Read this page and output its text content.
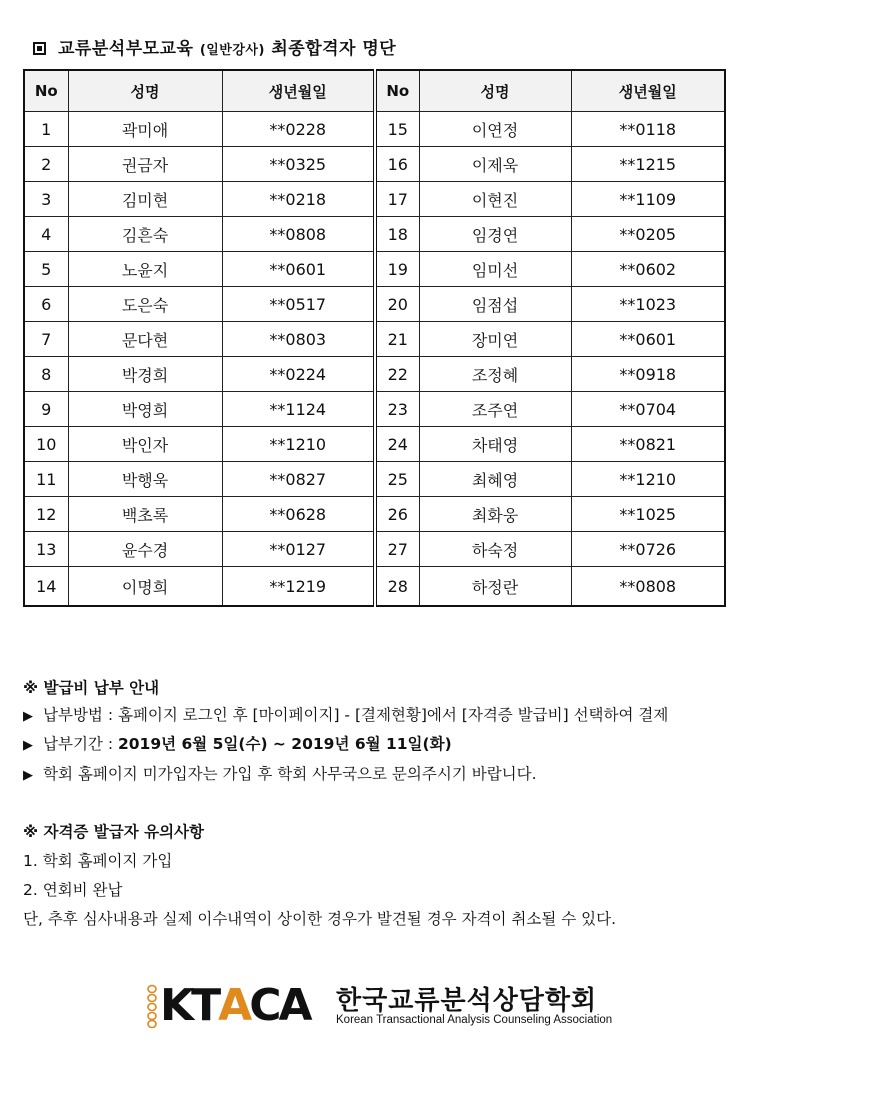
교류분석부모교육 (일반강사) 최종합격자 명단
No	성명	생년월일	No	성명	생년월일
1	곽미애	**0228	15	이연정	**0118
2	권금자	**0325	16	이제욱	**1215
3	김미현	**0218	17	이현진	**1109
4	김흔숙	**0808	18	임경연	**0205
5	노윤지	**0601	19	임미선	**0602
6	도은숙	**0517	20	임점섭	**1023
7	문다현	**0803	21	장미연	**0601
8	박경희	**0224	22	조정혜	**0918
9	박영희	**1124	23	조주연	**0704
10	박인자	**1210	24	차태영	**0821
11	박행욱	**0827	25	최혜영	**1210
12	백초록	**0628	26	최화웅	**1025
13	윤수경	**0127	27	하숙정	**0726
14	이명희	**1219	28	하정란	**0808
※ 발급비 납부 안내
▶ 납부방법 : 홈페이지 로그인 후 [마이페이지] - [결제현황]에서 [자격증 발급비] 선택하여 결제
▶ 납부기간 : 2019년 6월 5일(수) ~ 2019년 6월 11일(화)
▶ 학회 홈페이지 미가입자는 가입 후 학회 사무국으로 문의주시기 바랍니다.
※ 자격증 발급자 유의사항
1. 학회 홈페이지 가입
2. 연회비 완납
단, 추후 심사내용과 실제 이수내역이 상이한 경우가 발견될 경우 자격이 취소될 수 있다.
KTACA 한국교류분석상담학회
Korean Transactional Analysis Counseling Association
